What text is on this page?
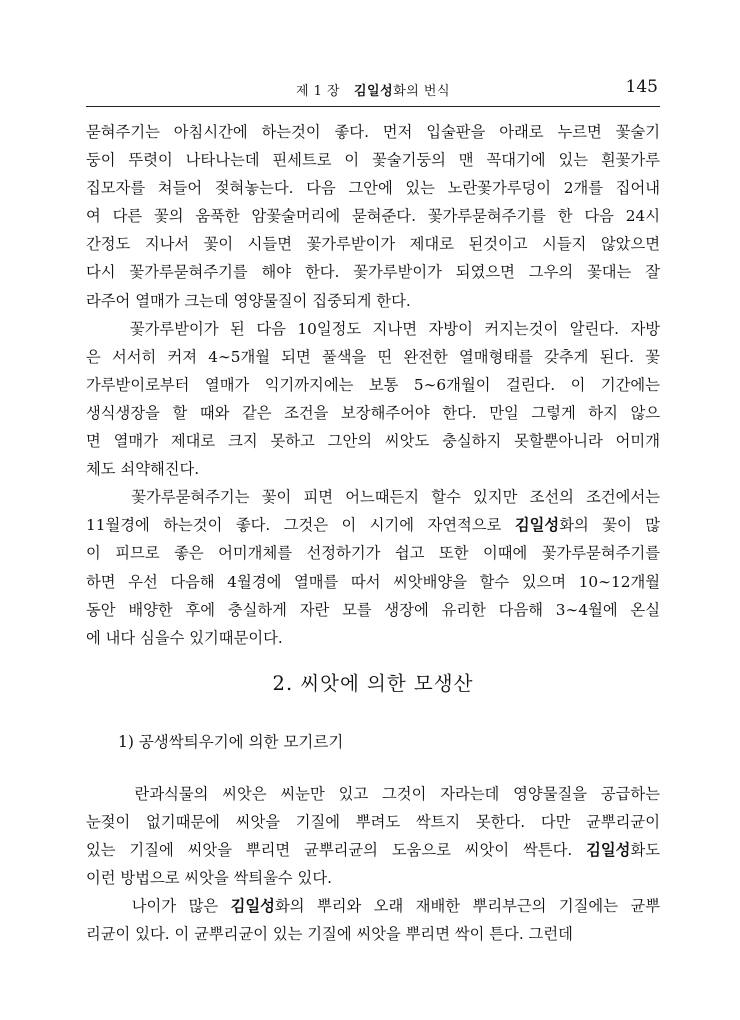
제 1 장 김일성화의 번식	145
묻혀주기는 아침시간에 하는것이 좋다. 먼저 입술판을 아래로 누르면 꽃술기
둥이 뚜렷이 나타나는데 핀세트로 이 꽃술기둥의 맨 꼭대기에 있는 흰꽃가루
집모자를 쳐들어 젖혀놓는다. 다음 그안에 있는 노란꽃가루덩이 2개를 집어내
여 다른 꽃의 움푹한 암꽃술머리에 묻혀준다. 꽃가루묻혀주기를 한 다음 24시
간정도 지나서 꽃이 시들면 꽃가루받이가 제대로 된것이고 시들지 않았으면
다시 꽃가루묻혀주기를 해야 한다. 꽃가루받이가 되였으면 그우의 꽃대는 잘
라주어 열매가 크는데 영양물질이 집중되게 한다.
　　꽃가루받이가 된 다음 10일정도 지나면 자방이 커지는것이 알린다. 자방
은 서서히 커져 4∼5개월 되면 풀색을 띤 완전한 열매형태를 갖추게 된다. 꽃
가루받이로부터 열매가 익기까지에는 보통 5∼6개월이 걸린다. 이 기간에는
생식생장을 할 때와 같은 조건을 보장해주어야 한다. 만일 그렇게 하지 않으
면 열매가 제대로 크지 못하고 그안의 씨앗도 충실하지 못할뿐아니라 어미개
체도 쇠약해진다.
　　꽃가루묻혀주기는 꽃이 피면 어느때든지 할수 있지만 조선의 조건에서는
11월경에 하는것이 좋다. 그것은 이 시기에 자연적으로 김일성화의 꽃이 많
이 피므로 좋은 어미개체를 선정하기가 쉽고 또한 이때에 꽃가루묻혀주기를
하면 우선 다음해 4월경에 열매를 따서 씨앗배양을 할수 있으며 10∼12개월
동안 배양한 후에 충실하게 자란 모를 생장에 유리한 다음해 3∼4월에 온실
에 내다 심을수 있기때문이다.
2. 씨앗에 의한 모생산
1) 공생싹틔우기에 의한 모기르기
　　란과식물의 씨앗은 씨눈만 있고 그것이 자라는데 영양물질을 공급하는
눈젖이 없기때문에 씨앗을 기질에 뿌려도 싹트지 못한다. 다만 균뿌리균이
있는 기질에 씨앗을 뿌리면 균뿌리균의 도움으로 씨앗이 싹튼다. 김일성화도
이런 방법으로 씨앗을 싹틔울수 있다.
　　나이가 많은 김일성화의 뿌리와 오래 재배한 뿌리부근의 기질에는 균뿌
리균이 있다. 이 균뿌리균이 있는 기질에 씨앗을 뿌리면 싹이 튼다. 그런데
